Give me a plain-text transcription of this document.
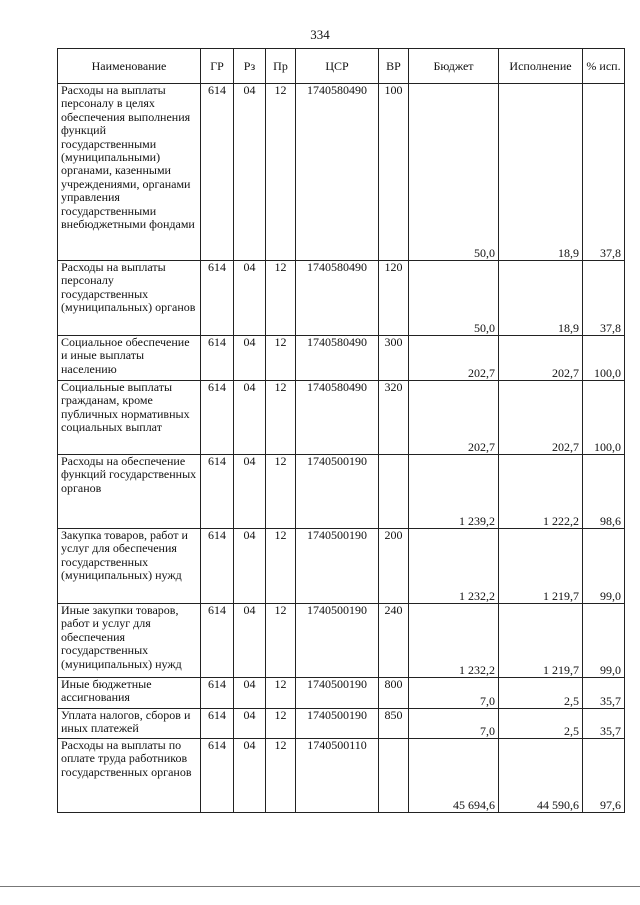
334
Наименование	ГР	Рз	Пр	ЦСР	ВР	Бюджет	Исполнение	% исп.
Расходы на выплаты персоналу в целях обеспечения выполнения функций государственными (муниципальными) органами, казенными учреждениями, органами управления государственными внебюджетными фондами	614	04	12	1740580490	100	50,0	18,9	37,8
Расходы на выплаты персоналу государственных (муниципальных) органов	614	04	12	1740580490	120	50,0	18,9	37,8
Социальное обеспечение и иные выплаты населению	614	04	12	1740580490	300	202,7	202,7	100,0
Социальные выплаты гражданам, кроме публичных нормативных социальных выплат	614	04	12	1740580490	320	202,7	202,7	100,0
Расходы на обеспечение функций государственных органов	614	04	12	1740500190		1 239,2	1 222,2	98,6
Закупка товаров, работ и услуг для обеспечения государственных (муниципальных) нужд	614	04	12	1740500190	200	1 232,2	1 219,7	99,0
Иные закупки товаров, работ и услуг для обеспечения государственных (муниципальных) нужд	614	04	12	1740500190	240	1 232,2	1 219,7	99,0
Иные бюджетные ассигнования	614	04	12	1740500190	800	7,0	2,5	35,7
Уплата налогов, сборов и иных платежей	614	04	12	1740500190	850	7,0	2,5	35,7
Расходы на выплаты по оплате труда работников государственных органов	614	04	12	1740500110		45 694,6	44 590,6	97,6
